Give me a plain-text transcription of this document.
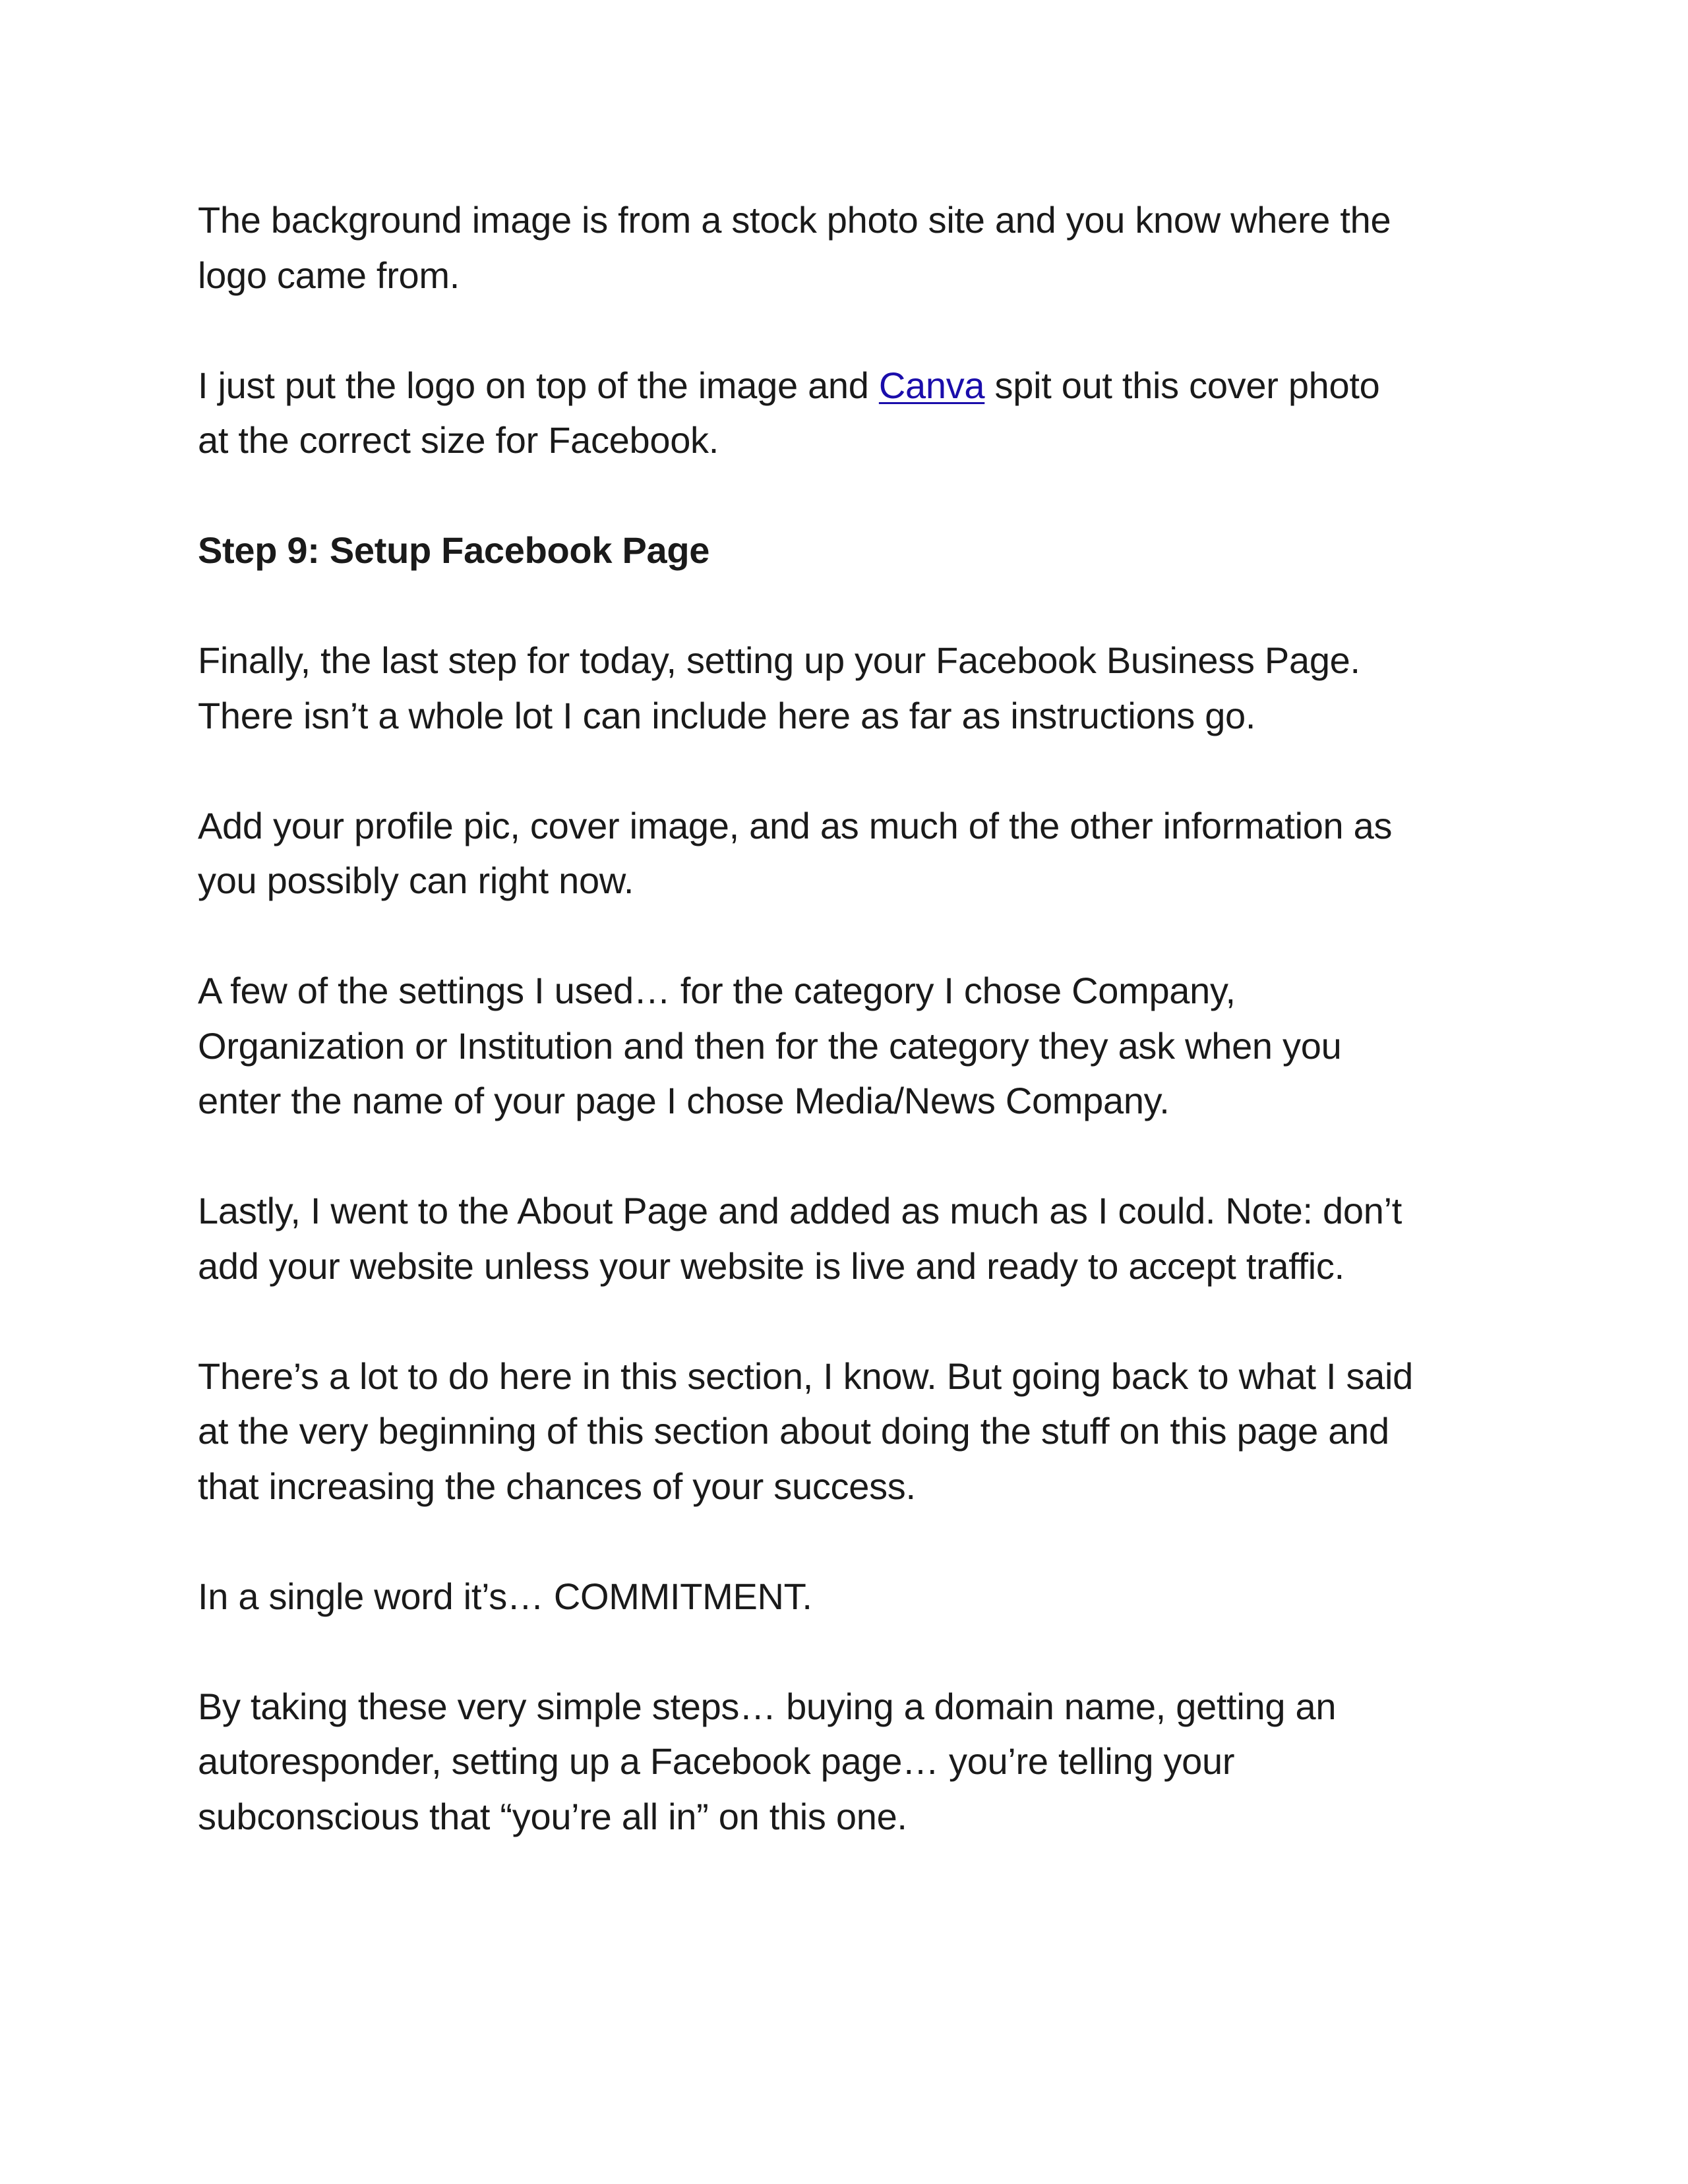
The background image is from a stock photo site and you know where the
logo came from.

I just put the logo on top of the image and Canva spit out this cover photo
at the correct size for Facebook.

Step 9: Setup Facebook Page

Finally, the last step for today, setting up your Facebook Business Page.
There isn’t a whole lot I can include here as far as instructions go.

Add your profile pic, cover image, and as much of the other information as
you possibly can right now.

A few of the settings I used… for the category I chose Company,
Organization or Institution and then for the category they ask when you
enter the name of your page I chose Media/News Company.

Lastly, I went to the About Page and added as much as I could. Note: don’t
add your website unless your website is live and ready to accept traffic.

There’s a lot to do here in this section, I know. But going back to what I said
at the very beginning of this section about doing the stuff on this page and
that increasing the chances of your success.

In a single word it’s… COMMITMENT.

By taking these very simple steps… buying a domain name, getting an
autoresponder, setting up a Facebook page… you’re telling your
subconscious that “you’re all in” on this one.
